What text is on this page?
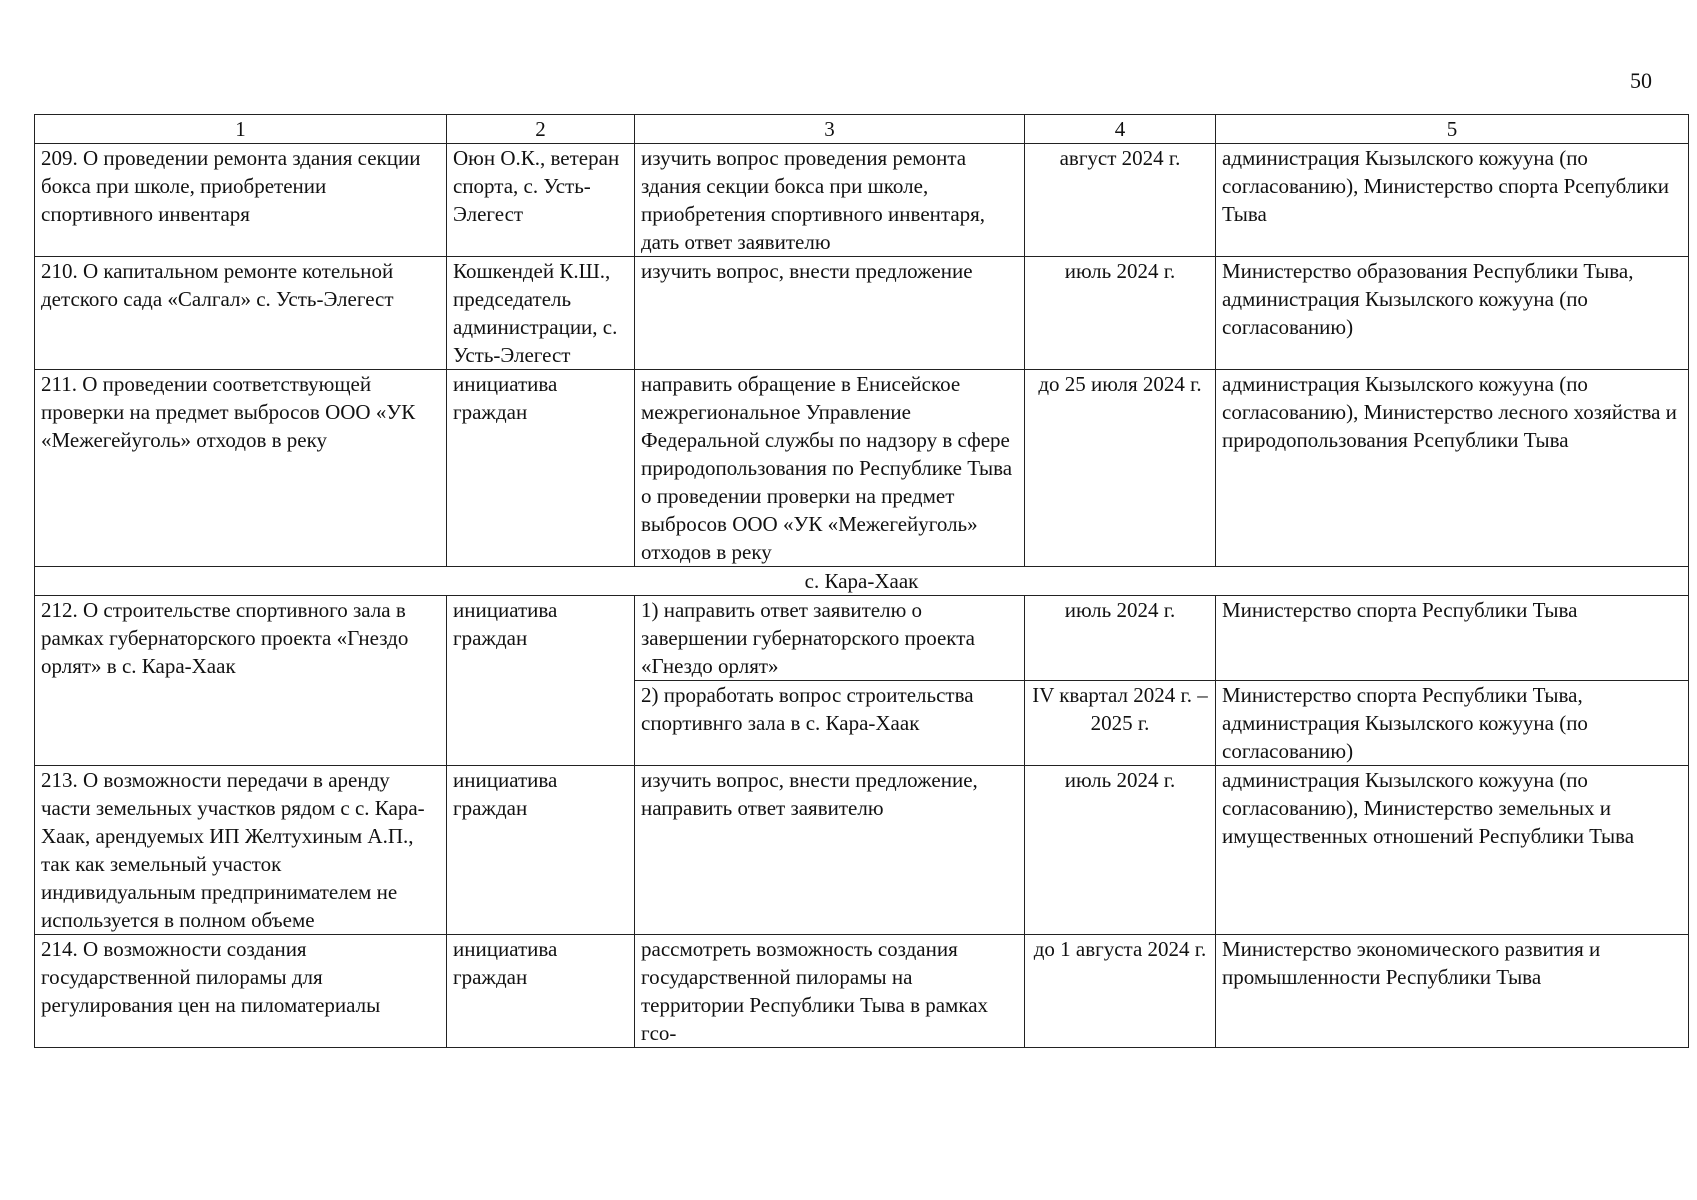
50
1	2	3	4	5
209. О проведении ремонта здания секции бокса при школе, приобретении спортивного инвентаря	Оюн О.К., ветеран спорта, с. Усть-Элегест	изучить вопрос проведения ремонта здания секции бокса при школе, приобретения спортивного инвентаря, дать ответ заявителю	август 2024 г.	администрация Кызылского кожууна (по согласованию), Министерство спорта Рсепублики Тыва
210. О капитальном ремонте котельной детского сада «Салгал» с. Усть-Элегест	Кошкендей К.Ш., председатель администрации, с. Усть-Элегест	изучить вопрос, внести предложение	июль 2024 г.	Министерство образования Республики Тыва, администрация Кызылского кожууна (по согласованию)
211. О проведении соответствующей проверки на предмет выбросов ООО «УК «Межегейуголь» отходов в реку	инициатива граждан	направить обращение в Енисейское межрегиональное Управление Федеральной службы по надзору в сфере природопользования по Республике Тыва о проведении проверки на предмет выбросов ООО «УК «Межегейуголь» отходов в реку	до 25 июля 2024 г.	администрация Кызылского кожууна (по согласованию), Министерство лесного хозяйства и природопользования Рсепублики Тыва
с. Кара-Хаак				
212. О строительстве спортивного зала в рамках губернаторского проекта «Гнездо орлят» в с. Кара-Хаак	инициатива граждан	1) направить ответ заявителю о завершении губернаторского проекта «Гнездо орлят»	июль 2024 г.	Министерство спорта Республики Тыва
		2) проработать вопрос строительства спортивнго зала в с. Кара-Хаак	IV квартал 2024 г. – 2025 г.	Министерство спорта Республики Тыва, администрация Кызылского кожууна (по согласованию)
213. О возможности передачи в аренду части земельных участков рядом с с. Кара-Хаак, арендуемых ИП Желтухиным А.П., так как земельный участок индивидуальным предпринимателем не используется в полном объеме	инициатива граждан	изучить вопрос, внести предложение, направить ответ заявителю	июль 2024 г.	администрация Кызылского кожууна (по согласованию), Министерство земельных и имущественных отношений Республики Тыва
214. О возможности создания государственной пилорамы для регулирования цен на пиломатериалы	инициатива граждан	рассмотреть возможность создания государственной пилорамы на территории Республики Тыва в рамках гсо-	до 1 августа 2024 г.	Министерство экономического развития и промышленности Республики Тыва
